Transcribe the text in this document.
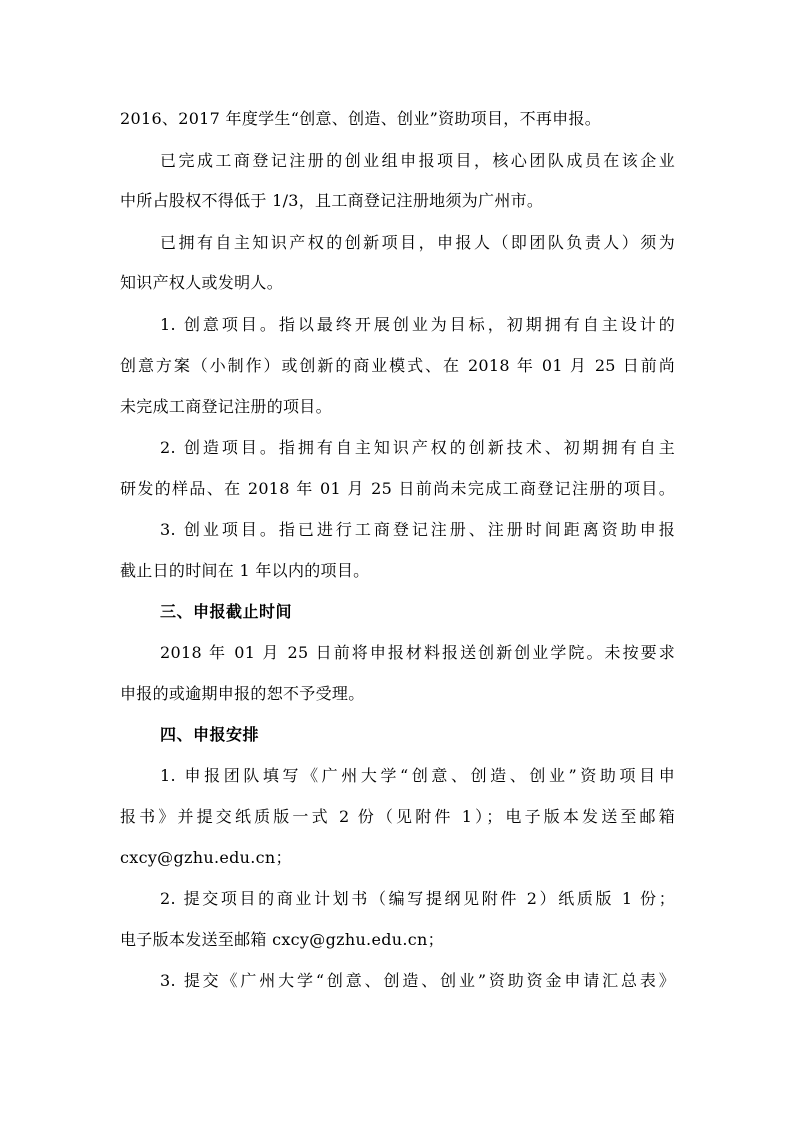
2016、2017 年度学生“创意、创造、创业”资助项目，不再申报。
已完成工商登记注册的创业组申报项目，核心团队成员在该企业
中所占股权不得低于 1/3，且工商登记注册地须为广州市。
已拥有自主知识产权的创新项目，申报人（即团队负责人）须为
知识产权人或发明人。
1. 创意项目。指以最终开展创业为目标，初期拥有自主设计的
创意方案（小制作）或创新的商业模式、在 2018 年 01 月 25 日前尚
未完成工商登记注册的项目。
2. 创造项目。指拥有自主知识产权的创新技术、初期拥有自主
研发的样品、在 2018 年 01 月 25 日前尚未完成工商登记注册的项目。
3. 创业项目。指已进行工商登记注册、注册时间距离资助申报
截止日的时间在 1 年以内的项目。
三、申报截止时间
2018 年 01 月 25 日前将申报材料报送创新创业学院。未按要求
申报的或逾期申报的恕不予受理。
四、申报安排
1. 申报团队填写《广州大学“创意、创造、创业”资助项目申
报书》并提交纸质版一式 2 份（见附件 1）；电子版本发送至邮箱
cxcy@gzhu.edu.cn；
2. 提交项目的商业计划书（编写提纲见附件 2）纸质版 1 份；
电子版本发送至邮箱 cxcy@gzhu.edu.cn；
3. 提交《广州大学“创意、创造、创业”资助资金申请汇总表》
